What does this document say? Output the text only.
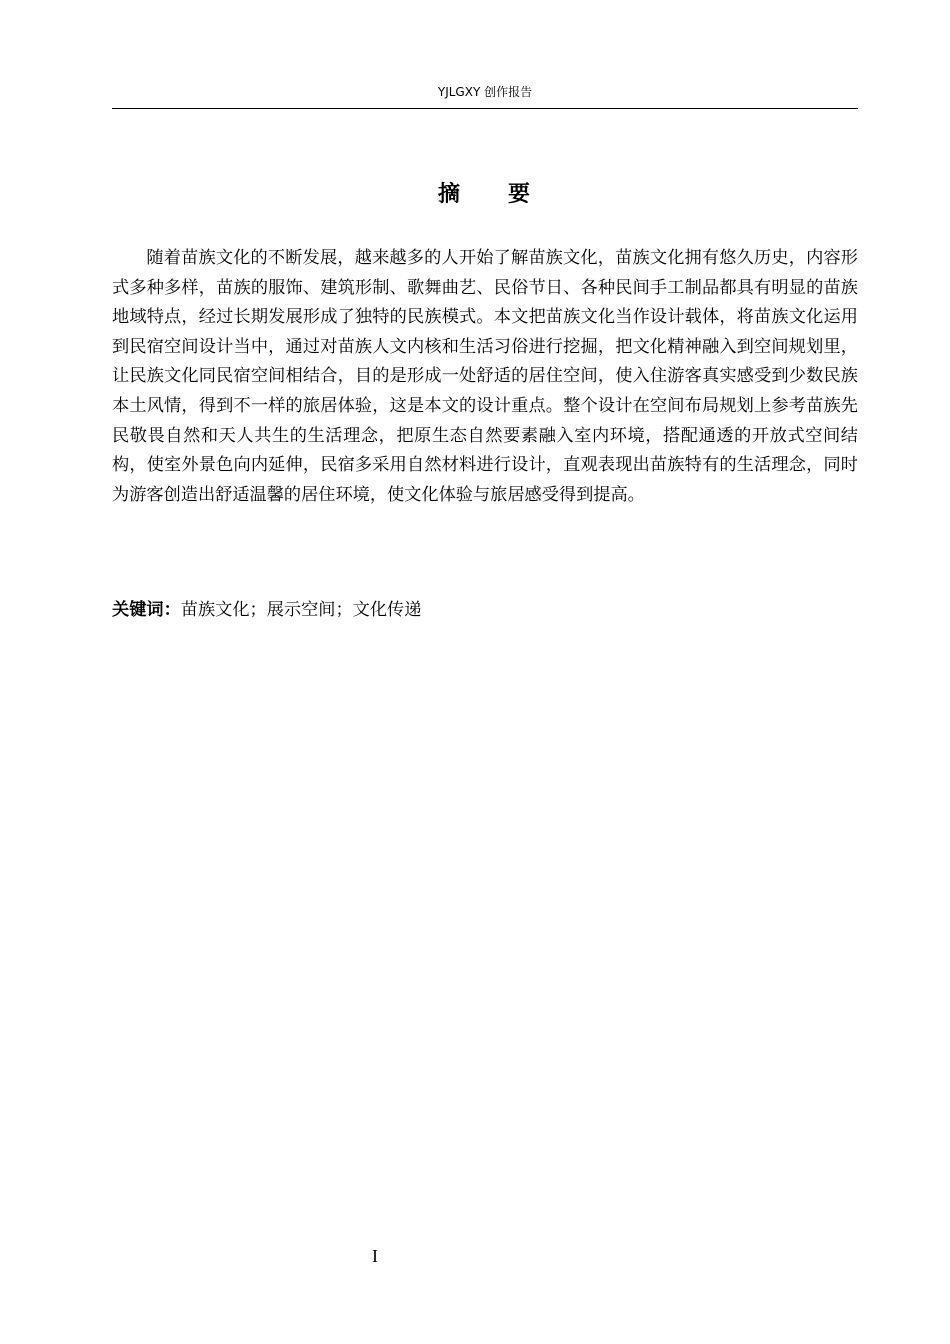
YJLGXY 创作报告
摘 要

随着苗族文化的不断发展，越来越多的人开始了解苗族文化，苗族文化拥有悠久历史，内容形式多种多样，苗族的服饰、建筑形制、歌舞曲艺、民俗节日、各种民间手工制品都具有明显的苗族地域特点，经过长期发展形成了独特的民族模式。本文把苗族文化当作设计载体，将苗族文化运用到民宿空间设计当中，通过对苗族人文内核和生活习俗进行挖掘，把文化精神融入到空间规划里，让民族文化同民宿空间相结合，目的是形成一处舒适的居住空间，使入住游客真实感受到少数民族本土风情，得到不一样的旅居体验，这是本文的设计重点。整个设计在空间布局规划上参考苗族先民敬畏自然和天人共生的生活理念，把原生态自然要素融入室内环境，搭配通透的开放式空间结构，使室外景色向内延伸，民宿多采用自然材料进行设计，直观表现出苗族特有的生活理念，同时为游客创造出舒适温馨的居住环境，使文化体验与旅居感受得到提高。

关键词：苗族文化；展示空间；文化传递
I
